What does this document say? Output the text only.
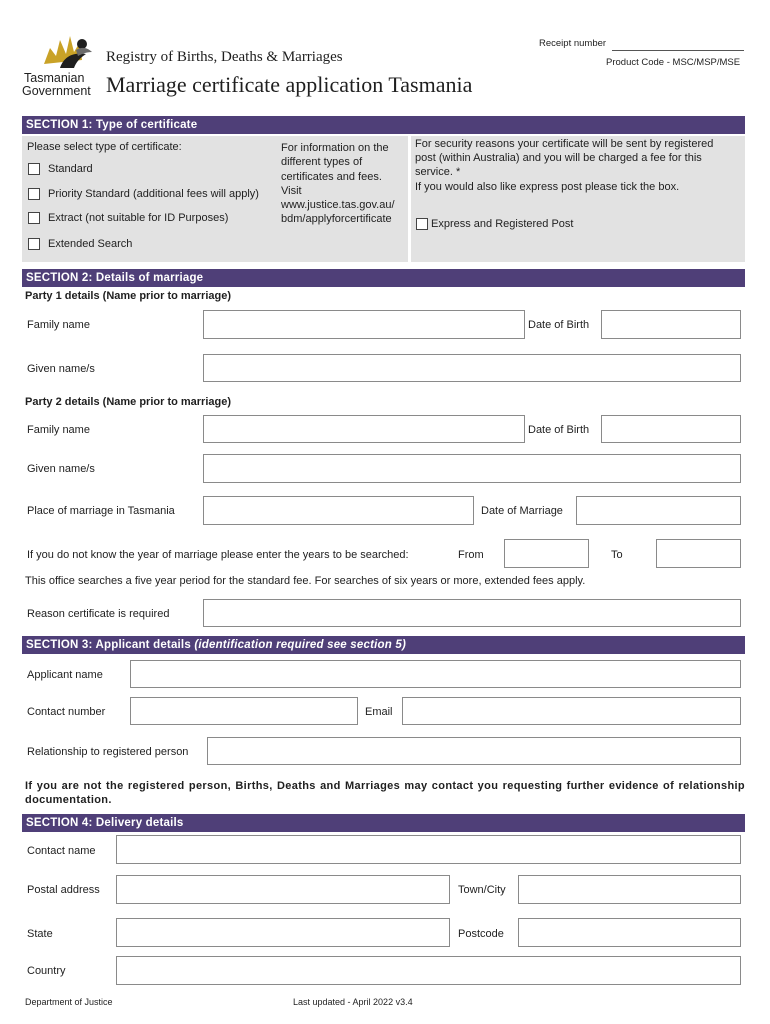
Tasmanian
Government
Registry of Births, Deaths & Marriages
Marriage certificate application Tasmania
Receipt number
Product Code - MSC/MSP/MSE
SECTION 1: Type of certificate
Please select type of certificate:
Standard
Priority Standard (additional fees will apply)
Extract (not suitable for ID Purposes)
Extended Search
For information on the
different types of
certificates and fees.
Visit
www.justice.tas.gov.au/
bdm/applyforcertificate
For security reasons your certificate will be sent by registered
post (within Australia) and you will be charged a fee for this
service. *
If you would also like express post please tick the box.
Express and Registered Post
SECTION 2: Details of marriage
Party 1 details (Name prior to marriage)
Family name	Date of Birth
Given name/s
Party 2 details (Name prior to marriage)
Family name	Date of Birth
Given name/s
Place of marriage in Tasmania	Date of Marriage
If you do not know the year of marriage please enter the years to be searched:	From	To
This office searches a five year period for the standard fee. For searches of six years or more, extended fees apply.
Reason certificate is required
SECTION 3: Applicant details (identification required see section 5)
Applicant name
Contact number	Email
Relationship to registered person
If you are not the registered person, Births, Deaths and Marriages may contact you requesting further evidence of relationship documentation.
SECTION 4: Delivery details
Contact name
Postal address	Town/City
State	Postcode
Country
Department of Justice	Last updated - April 2022 v3.4
